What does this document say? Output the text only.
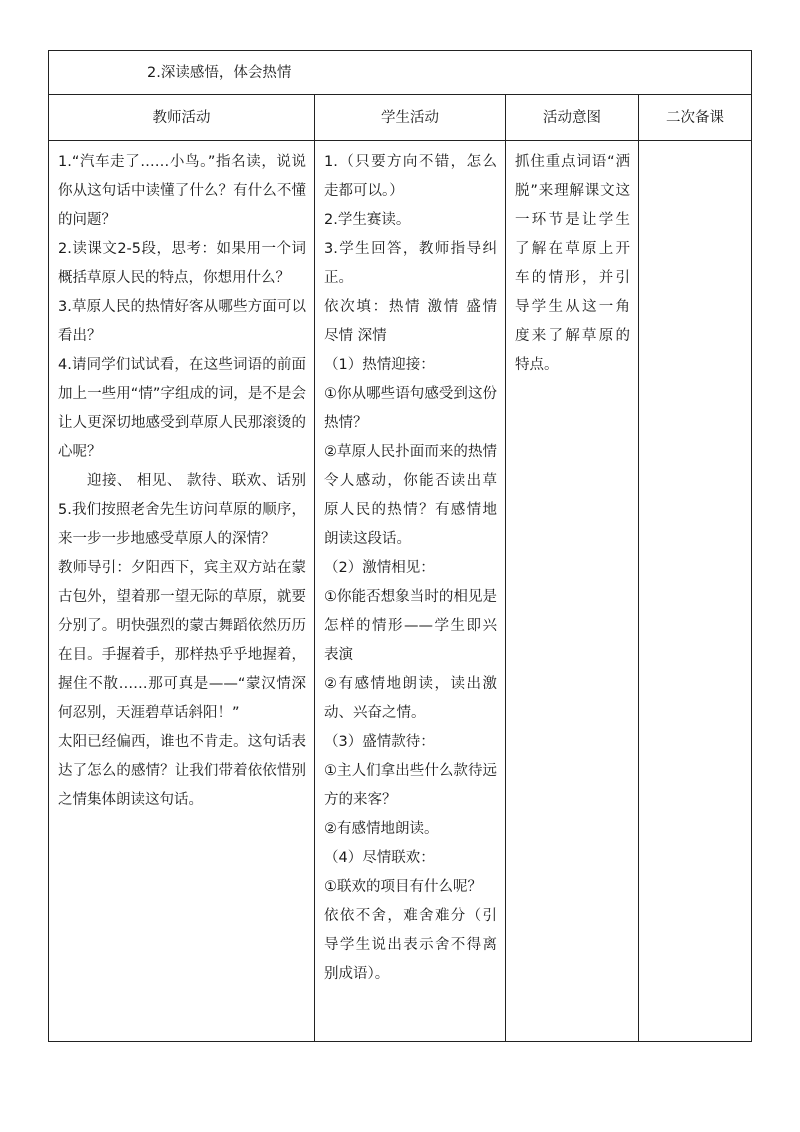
2.深读感悟，体会热情
教师活动

1.“汽车走了……小鸟。”指名读，说说你从这句话中读懂了什么？有什么不懂的问题？

2.读课文2-5段，思考：如果用一个词概括草原人民的特点，你想用什么？

3.草原人民的热情好客从哪些方面可以看出？

4.请同学们试试看，在这些词语的前面加上一些用“情”字组成的词，是不是会让人更深切地感受到草原人民那滚烫的心呢？

迎接、 相见、 款待、联欢、话别 5.我们按照老舍先生访问草原的顺序，来一步一步地感受草原人的深情？

教师导引：夕阳西下，宾主双方站在蒙古包外，望着那一望无际的草原，就要分别了。明快强烈的蒙古舞蹈依然历历在目。手握着手，那样热乎乎地握着，握住不散……那可真是——“蒙汉情深何忍别，天涯碧草话斜阳！”

太阳已经偏西，谁也不肯走。这句话表达了怎么的感情？让我们带着依依惜别之情集体朗读这句话。

学生活动

1.（只要方向不错，怎么走都可以。）

2.学生赛读。

3.学生回答，教师指导纠正。

依次填：热情 激情 盛情 尽情 深情

（1）热情迎接：

①你从哪些语句感受到这份热情？

②草原人民扑面而来的热情令人感动，你能否读出草原人民的热情？有感情地朗读这段话。

（2）激情相见：

①你能否想象当时的相见是怎样的情形——学生即兴表演

②有感情地朗读，读出激动、兴奋之情。

（3）盛情款待：

①主人们拿出些什么款待远方的来客？

②有感情地朗读。

（4）尽情联欢：

①联欢的项目有什么呢？

依依不舍，难舍难分（引导学生说出表示舍不得离别成语）。

活动意图

抓住重点词语“洒脱”来理解课文这一环节是让学生了解在草原上开车的情形，并引导学生从这一角度来了解草原的特点。

二次备课
